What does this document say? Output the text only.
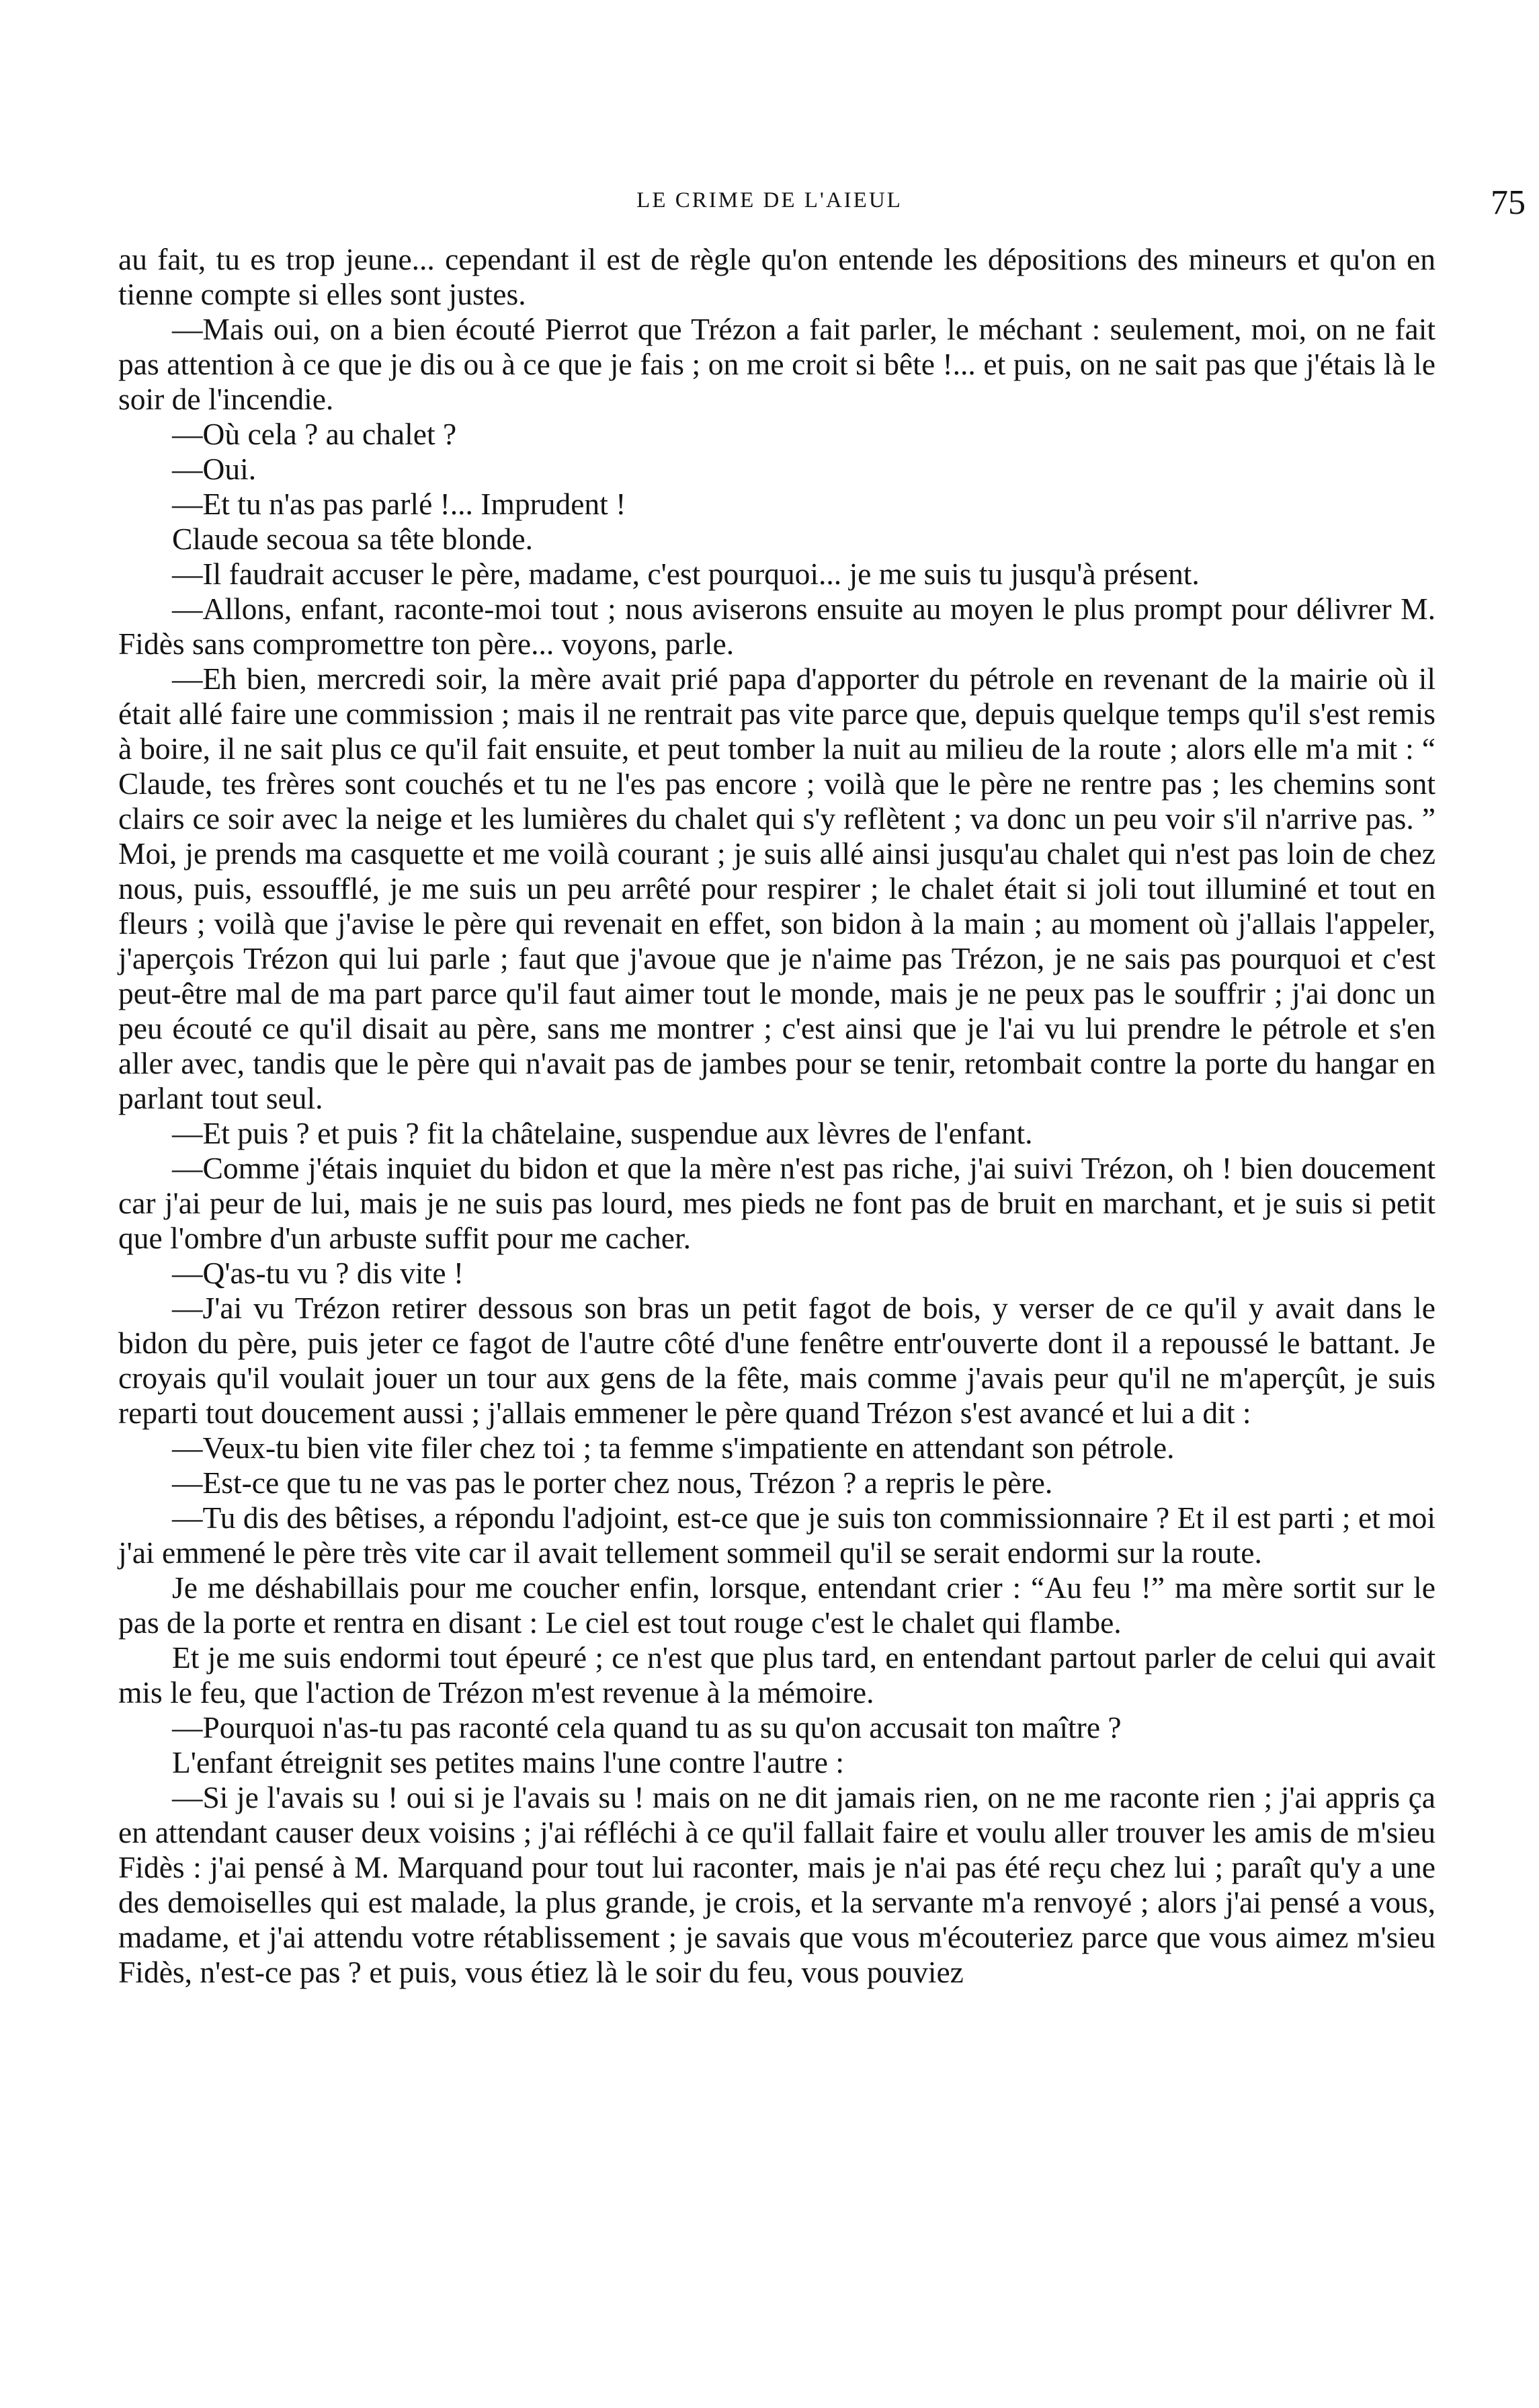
LE CRIME DE L'AIEUL	75

au fait, tu es trop jeune... cependant il est de règle qu'on entende les dépositions des mineurs et qu'on en tienne compte si elles sont justes.

—Mais oui, on a bien écouté Pierrot que Trézon a fait parler, le méchant : seulement, moi, on ne fait pas attention à ce que je dis ou à ce que je fais ; on me croit si bête !... et puis, on ne sait pas que j'étais là le soir de l'incendie.

—Où cela ? au chalet ?

—Oui.

—Et tu n'as pas parlé !... Imprudent !

Claude secoua sa tête blonde.

—Il faudrait accuser le père, madame, c'est pourquoi... je me suis tu jusqu'à présent.

—Allons, enfant, raconte-moi tout ; nous aviserons ensuite au moyen le plus prompt pour délivrer M. Fidès sans compromettre ton père... voyons, parle.

—Eh bien, mercredi soir, la mère avait prié papa d'apporter du pétrole en revenant de la mairie où il était allé faire une commission ; mais il ne rentrait pas vite parce que, depuis quelque temps qu'il s'est remis à boire, il ne sait plus ce qu'il fait ensuite, et peut tomber la nuit au milieu de la route ; alors elle m'a mit : “ Claude, tes frères sont couchés et tu ne l'es pas encore ; voilà que le père ne rentre pas ; les chemins sont clairs ce soir avec la neige et les lumières du chalet qui s'y reflètent ; va donc un peu voir s'il n'arrive pas. ” Moi, je prends ma casquette et me voilà courant ; je suis allé ainsi jusqu'au chalet qui n'est pas loin de chez nous, puis, essoufflé, je me suis un peu arrêté pour respirer ; le chalet était si joli tout illuminé et tout en fleurs ; voilà que j'avise le père qui revenait en effet, son bidon à la main ; au moment où j'allais l'appeler, j'aperçois Trézon qui lui parle ; faut que j'avoue que je n'aime pas Trézon, je ne sais pas pourquoi et c'est peut-être mal de ma part parce qu'il faut aimer tout le monde, mais je ne peux pas le souffrir ; j'ai donc un peu écouté ce qu'il disait au père, sans me montrer ; c'est ainsi que je l'ai vu lui prendre le pétrole et s'en aller avec, tandis que le père qui n'avait pas de jambes pour se tenir, retombait contre la porte du hangar en parlant tout seul.

—Et puis ? et puis ? fit la châtelaine, suspendue aux lèvres de l'enfant.

—Comme j'étais inquiet du bidon et que la mère n'est pas riche, j'ai suivi Trézon, oh ! bien doucement car j'ai peur de lui, mais je ne suis pas lourd, mes pieds ne font pas de bruit en marchant, et je suis si petit que l'ombre d'un arbuste suffit pour me cacher.

—Q'as-tu vu ? dis vite !

—J'ai vu Trézon retirer dessous son bras un petit fagot de bois, y verser de ce qu'il y avait dans le bidon du père, puis jeter ce fagot de l'autre côté d'une fenêtre entr'ouverte dont il a repoussé le battant. Je croyais qu'il voulait jouer un tour aux gens de la fête, mais comme j'avais peur qu'il ne m'aperçût, je suis reparti tout doucement aussi ; j'allais emmener le père quand Trézon s'est avancé et lui a dit :

—Veux-tu bien vite filer chez toi ; ta femme s'impatiente en attendant son pétrole.

—Est-ce que tu ne vas pas le porter chez nous, Trézon ? a repris le père.

—Tu dis des bêtises, a répondu l'adjoint, est-ce que je suis ton commissionnaire ? Et il est parti ; et moi j'ai emmené le père très vite car il avait tellement sommeil qu'il se serait endormi sur la route.

Je me déshabillais pour me coucher enfin, lorsque, entendant crier : “Au feu !” ma mère sortit sur le pas de la porte et rentra en disant : Le ciel est tout rouge c'est le chalet qui flambe.

Et je me suis endormi tout épeuré ; ce n'est que plus tard, en entendant partout parler de celui qui avait mis le feu, que l'action de Trézon m'est revenue à la mémoire.

—Pourquoi n'as-tu pas raconté cela quand tu as su qu'on accusait ton maître ?

L'enfant étreignit ses petites mains l'une contre l'autre :

—Si je l'avais su ! oui si je l'avais su ! mais on ne dit jamais rien, on ne me raconte rien ; j'ai appris ça en attendant causer deux voisins ; j'ai réfléchi à ce qu'il fallait faire et voulu aller trouver les amis de m'sieu Fidès : j'ai pensé à M. Marquand pour tout lui raconter, mais je n'ai pas été reçu chez lui ; paraît qu'y a une des demoiselles qui est malade, la plus grande, je crois, et la servante m'a renvoyé ; alors j'ai pensé a vous, madame, et j'ai attendu votre rétablissement ; je savais que vous m'écouteriez parce que vous aimez m'sieu Fidès, n'est-ce pas ? et puis, vous étiez là le soir du feu, vous pouviez
